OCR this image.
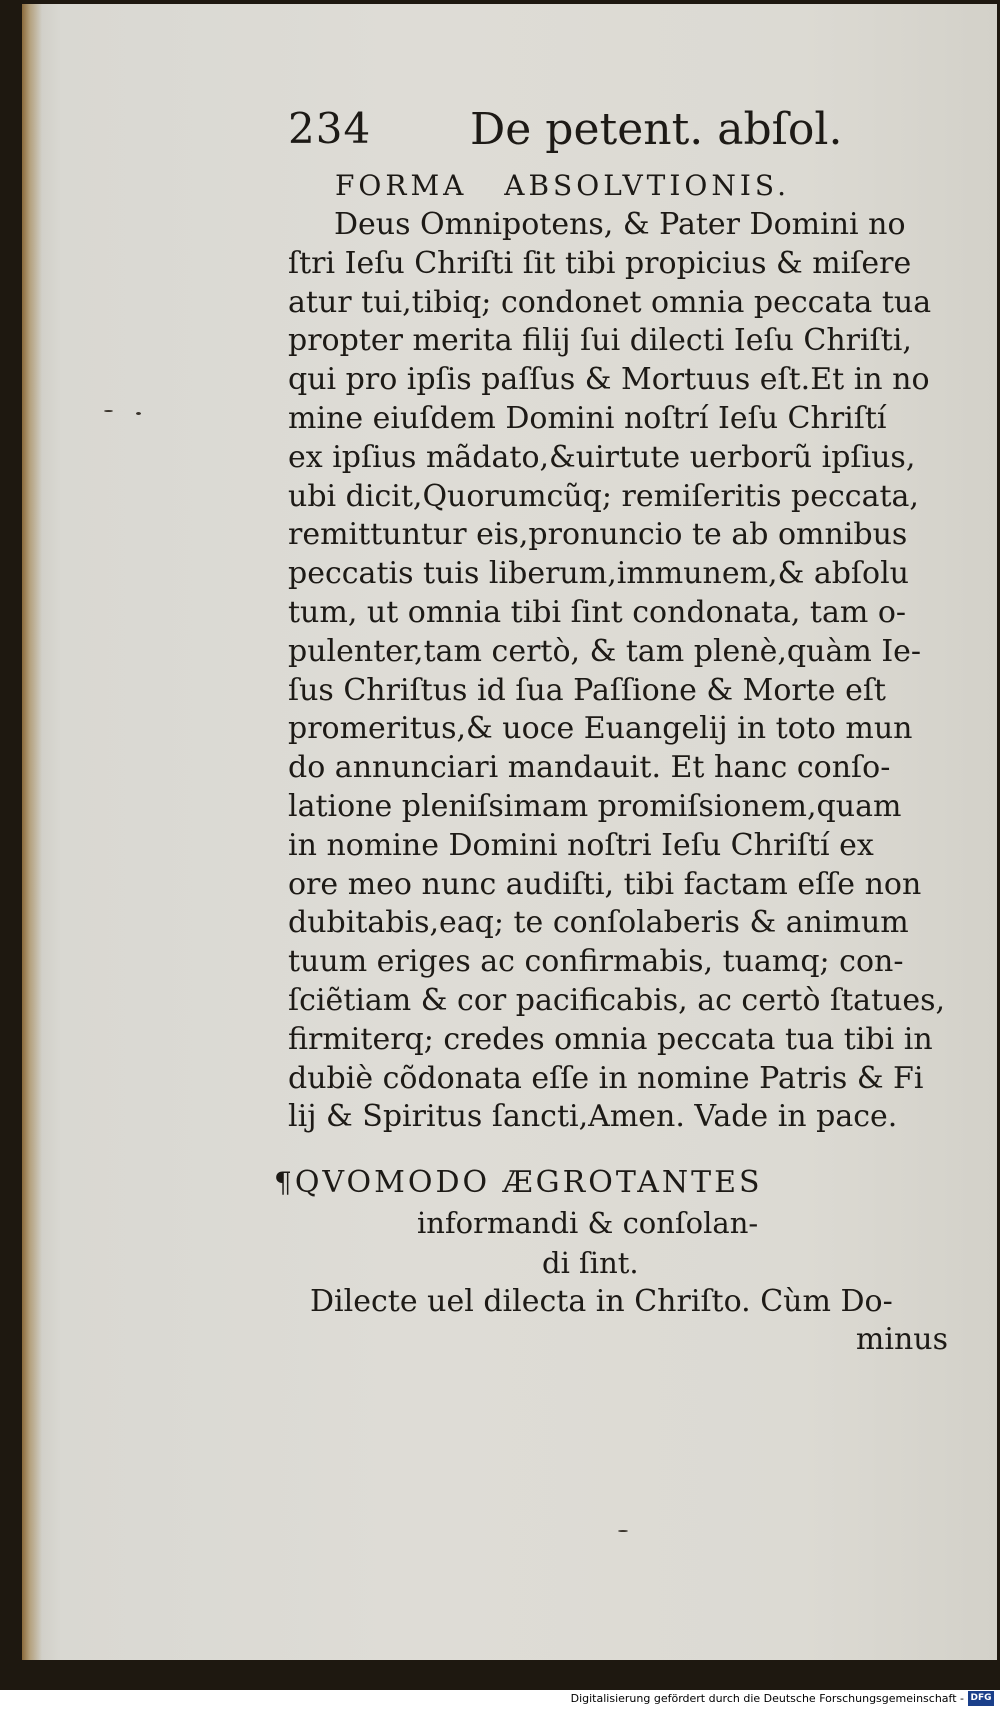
234 De petent. abſol.
FORMA ABSOLVTIONIS.
Deus Omnipotens, & Pater Domini no
ſtri Ieſu Chriſti ſit tibi propicius & miſere
atur tui,tibiq; condonet omnia peccata tua
propter merita filij ſui dilecti Ieſu Chriſti,
qui pro ipſis paſſus & Mortuus eſt.Et in no
mine eiuſdem Domini noſtrí Ieſu Chriſtí
ex ipſius mãdato,&uirtute uerborũ ipſius,
ubi dicit,Quorumcũq; remiſeritis peccata,
remittuntur eis,pronuncio te ab omnibus
peccatis tuis liberum,immunem,& abſolu
tum, ut omnia tibi ſint condonata, tam o-
pulenter,tam certò, & tam plenè,quàm Ie-
ſus Chriſtus id ſua Paſſione & Morte eſt
promeritus,& uoce Euangelij in toto mun
do annunciari mandauit. Et hanc conſo-
latione pleniſsimam promiſsionem,quam
in nomine Domini noſtri Ieſu Chriſtí ex
ore meo nunc audiſti, tibi factam eſſe non
dubitabis,eaq; te conſolaberis & animum
tuum eriges ac confirmabis, tuamq; con-
ſciẽtiam & cor pacificabis, ac certò ſtatues,
firmiterq; credes omnia peccata tua tibi in
dubiè cõdonata eſſe in nomine Patris & Fi
lij & Spiritus ſancti,Amen. Vade in pace.
¶QVOMODO ÆGROTANTES
informandi & conſolan-
di ſint.
Dilecte uel dilecta in Chriſto. Cùm Do-
minus
Digitalisierung gefördert durch die Deutsche Forschungsgemeinschaft - DFG
